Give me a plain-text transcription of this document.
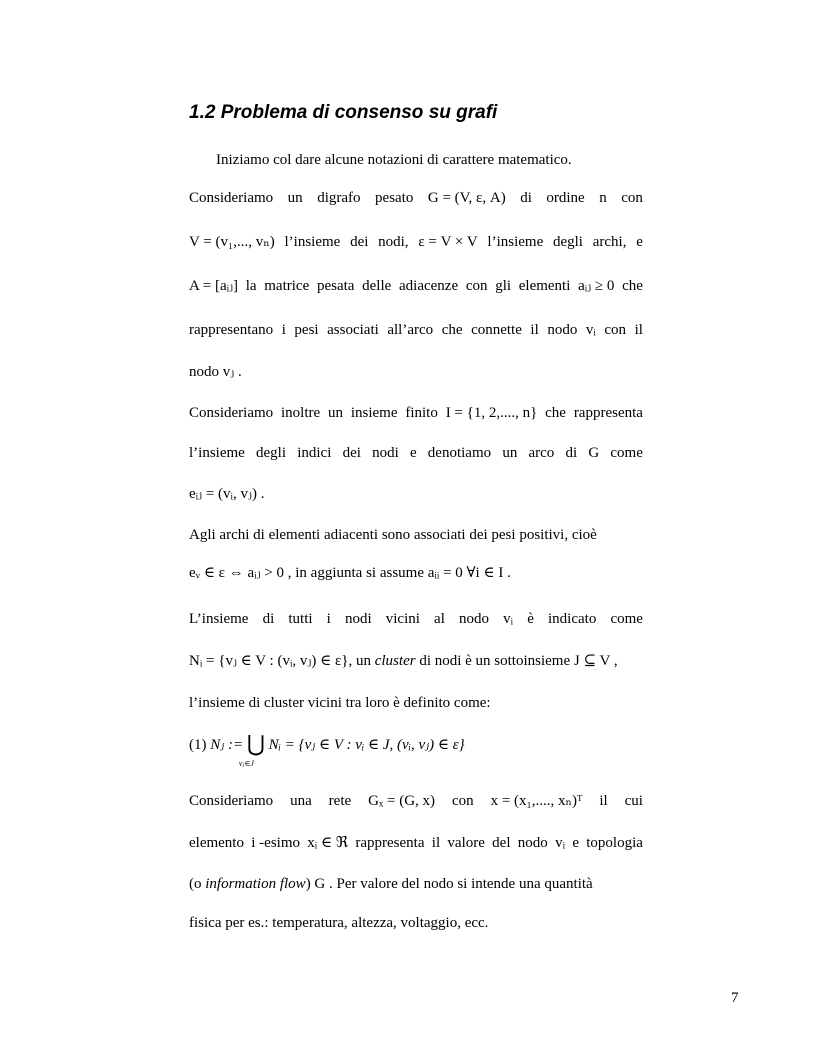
1.2 Problema di consenso su grafi
Iniziamo col dare alcune notazioni di carattere matematico.
Consideriamo un digrafo pesato G = (V, ε, A) di ordine n con
V = (v₁,..., vₙ) l’insieme dei nodi, ε = V × V l’insieme degli archi, e
A = [aᵢⱼ] la matrice pesata delle adiacenze con gli elementi aᵢⱼ ≥ 0 che
rappresentano i pesi associati all’arco che connette il nodo vᵢ con il
nodo vⱼ .
Consideriamo inoltre un insieme finito I = {1, 2,...., n} che rappresenta
l’insieme degli indici dei nodi e denotiamo un arco di G come
eᵢⱼ = (vᵢ, vⱼ) .
Agli archi di elementi adiacenti sono associati dei pesi positivi, cioè
eᵥ ∈ ε ⇔ aᵢⱼ > 0 , in aggiunta si assume aᵢᵢ = 0 ∀i ∈ I .
L’insieme di tutti i nodi vicini al nodo vᵢ è indicato come
Nᵢ = {vⱼ ∈ V : (vᵢ, vⱼ) ∈ ε}, un cluster di nodi è un sottoinsieme J ⊆ V ,
l’insieme di cluster vicini tra loro è definito come:
(1) Nⱼ := ⋃
vⱼ∈J
Nᵢ = {vⱼ ∈ V : vᵢ ∈ J, (vᵢ, vⱼ) ∈ ε}
Consideriamo una rete Gₓ = (G, x) con x = (x₁,...., xₙ)ᵀ il cui
elemento i -esimo xᵢ ∈ ℜ rappresenta il valore del nodo vᵢ e topologia
(o information flow) G . Per valore del nodo si intende una quantità
fisica per es.: temperatura, altezza, voltaggio, ecc.
7
